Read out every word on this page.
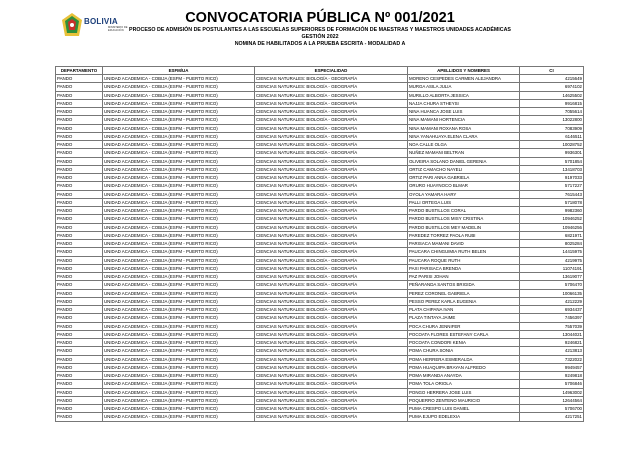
BOLIVIA
MINISTERIO DE EDUCACIÓN
CONVOCATORIA PÚBLICA Nº 001/2021
PROCESO DE ADMISIÓN DE POSTULANTES A LAS ESCUELAS SUPERIORES DE FORMACIÓN DE MAESTRAS Y MAESTROS UNIDADES ACADÉMICAS
GESTIÓN 2022
NOMINA DE HABILITADOS A LA PRUEBA ESCRITA - MODALIDAD A
DEPARTAMENTO	ESFM/UA	ESPECIALIDAD	APELLIDOS Y NOMBRES	CI
PANDO	UNIDAD ACADEMICA - COBIJA (ESFM - PUERTO RICO)	CIENCIAS NATURALES: BIOLOGÍA - GEOGRAFÍA	MORENO CESPEDES CARMEN ALEJANDRA	4215649
PANDO	UNIDAD ACADEMICA - COBIJA (ESFM - PUERTO RICO)	CIENCIAS NATURALES: BIOLOGÍA - GEOGRAFÍA	MURGA ASILA JULIA	6974102
PANDO	UNIDAD ACADEMICA - COBIJA (ESFM - PUERTO RICO)	CIENCIAS NATURALES: BIOLOGÍA - GEOGRAFÍA	MURILLO ALBORTA JESSICA	14625502
PANDO	UNIDAD ACADEMICA - COBIJA (ESFM - PUERTO RICO)	CIENCIAS NATURALES: BIOLOGÍA - GEOGRAFÍA	NAJJA CHURA STHEYSI	9916815
PANDO	UNIDAD ACADEMICA - COBIJA (ESFM - PUERTO RICO)	CIENCIAS NATURALES: BIOLOGÍA - GEOGRAFÍA	NINA HUANCA JOSE LUIS	7055614
PANDO	UNIDAD ACADEMICA - COBIJA (ESFM - PUERTO RICO)	CIENCIAS NATURALES: BIOLOGÍA - GEOGRAFÍA	NINA MAMANI HORTENCIA	13022800
PANDO	UNIDAD ACADEMICA - COBIJA (ESFM - PUERTO RICO)	CIENCIAS NATURALES: BIOLOGÍA - GEOGRAFÍA	NINA MAMANI ROXANA ROSA	7083909
PANDO	UNIDAD ACADEMICA - COBIJA (ESFM - PUERTO RICO)	CIENCIAS NATURALES: BIOLOGÍA - GEOGRAFÍA	NINA YANAHUAYA ELENA CLARA	6146511
PANDO	UNIDAD ACADEMICA - COBIJA (ESFM - PUERTO RICO)	CIENCIAS NATURALES: BIOLOGÍA - GEOGRAFÍA	NOA CALLE OLGA	10028752
PANDO	UNIDAD ACADEMICA - COBIJA (ESFM - PUERTO RICO)	CIENCIAS NATURALES: BIOLOGÍA - GEOGRAFÍA	NUÑEZ MAMANI BELTRAN	9936301
PANDO	UNIDAD ACADEMICA - COBIJA (ESFM - PUERTO RICO)	CIENCIAS NATURALES: BIOLOGÍA - GEOGRAFÍA	OLIVEIRA SOLANO DANIEL GERENIA	5701854
PANDO	UNIDAD ACADEMICA - COBIJA (ESFM - PUERTO RICO)	CIENCIAS NATURALES: BIOLOGÍA - GEOGRAFÍA	ORTIZ CAMACHO NAYELI	13418703
PANDO	UNIDAD ACADEMICA - COBIJA (ESFM - PUERTO RICO)	CIENCIAS NATURALES: BIOLOGÍA - GEOGRAFÍA	ORTIZ PARI ANNA GABRIELA	9197033
PANDO	UNIDAD ACADEMICA - COBIJA (ESFM - PUERTO RICO)	CIENCIAS NATURALES: BIOLOGÍA - GEOGRAFÍA	ORURO HUAYNOCO BLMAR	5717227
PANDO	UNIDAD ACADEMICA - COBIJA (ESFM - PUERTO RICO)	CIENCIAS NATURALES: BIOLOGÍA - GEOGRAFÍA	OYOLA YAMARA HARY	7615443
PANDO	UNIDAD ACADEMICA - COBIJA (ESFM - PUERTO RICO)	CIENCIAS NATURALES: BIOLOGÍA - GEOGRAFÍA	PALLI ORTEGA LUIS	5718078
PANDO	UNIDAD ACADEMICA - COBIJA (ESFM - PUERTO RICO)	CIENCIAS NATURALES: BIOLOGÍA - GEOGRAFÍA	PARDO BUSTILLOS CORAL	9982360
PANDO	UNIDAD ACADEMICA - COBIJA (ESFM - PUERTO RICO)	CIENCIAS NATURALES: BIOLOGÍA - GEOGRAFÍA	PARDO BUSTILLOS MISY CRISTINA	10946252
PANDO	UNIDAD ACADEMICA - COBIJA (ESFM - PUERTO RICO)	CIENCIAS NATURALES: BIOLOGÍA - GEOGRAFÍA	PARDO BUSTILLOS MEY MADELIN	10946256
PANDO	UNIDAD ACADEMICA - COBIJA (ESFM - PUERTO RICO)	CIENCIAS NATURALES: BIOLOGÍA - GEOGRAFÍA	PAREDEZ TORREZ PAOLA RUBI	6821971
PANDO	UNIDAD ACADEMICA - COBIJA (ESFM - PUERTO RICO)	CIENCIAS NATURALES: BIOLOGÍA - GEOGRAFÍA	PARISACA MAMANI DAVID	8025284
PANDO	UNIDAD ACADEMICA - COBIJA (ESFM - PUERTO RICO)	CIENCIAS NATURALES: BIOLOGÍA - GEOGRAFÍA	PAUCARA CHINGUIMIA RUTH BELEN	14415975
PANDO	UNIDAD ACADEMICA - COBIJA (ESFM - PUERTO RICO)	CIENCIAS NATURALES: BIOLOGÍA - GEOGRAFÍA	PAUCARA ROQUE RUTH	4219975
PANDO	UNIDAD ACADEMICA - COBIJA (ESFM - PUERTO RICO)	CIENCIAS NATURALES: BIOLOGÍA - GEOGRAFÍA	PAXI PARISACA BRENDA	11074191
PANDO	UNIDAD ACADEMICA - COBIJA (ESFM - PUERTO RICO)	CIENCIAS NATURALES: BIOLOGÍA - GEOGRAFÍA	PAZ PARISI JOHAN	13619077
PANDO	UNIDAD ACADEMICA - COBIJA (ESFM - PUERTO RICO)	CIENCIAS NATURALES: BIOLOGÍA - GEOGRAFÍA	PEÑARANDA SANTOS BRIGIDA	5706470
PANDO	UNIDAD ACADEMICA - COBIJA (ESFM - PUERTO RICO)	CIENCIAS NATURALES: BIOLOGÍA - GEOGRAFÍA	PEREZ CORONEL GABRIELA	10066135
PANDO	UNIDAD ACADEMICA - COBIJA (ESFM - PUERTO RICO)	CIENCIAS NATURALES: BIOLOGÍA - GEOGRAFÍA	PESSO PEREZ KARLA EUGENIA	4212229
PANDO	UNIDAD ACADEMICA - COBIJA (ESFM - PUERTO RICO)	CIENCIAS NATURALES: BIOLOGÍA - GEOGRAFÍA	PLATA CHIPANA IVAN	6934437
PANDO	UNIDAD ACADEMICA - COBIJA (ESFM - PUERTO RICO)	CIENCIAS NATURALES: BIOLOGÍA - GEOGRAFÍA	PLAZA TINTAYA JAIME	7456397
PANDO	UNIDAD ACADEMICA - COBIJA (ESFM - PUERTO RICO)	CIENCIAS NATURALES: BIOLOGÍA - GEOGRAFÍA	POCA CHURA JENNIFER	7557039
PANDO	UNIDAD ACADEMICA - COBIJA (ESFM - PUERTO RICO)	CIENCIAS NATURALES: BIOLOGÍA - GEOGRAFÍA	POCOATA FLORES ESTEFANY CARLA	13044021
PANDO	UNIDAD ACADEMICA - COBIJA (ESFM - PUERTO RICO)	CIENCIAS NATURALES: BIOLOGÍA - GEOGRAFÍA	POCOATA CONDORI KENIA	9246821
PANDO	UNIDAD ACADEMICA - COBIJA (ESFM - PUERTO RICO)	CIENCIAS NATURALES: BIOLOGÍA - GEOGRAFÍA	POMA CHURA SONIA	4213813
PANDO	UNIDAD ACADEMICA - COBIJA (ESFM - PUERTO RICO)	CIENCIAS NATURALES: BIOLOGÍA - GEOGRAFÍA	POMA HERRERA ESMERALDA	7322022
PANDO	UNIDAD ACADEMICA - COBIJA (ESFM - PUERTO RICO)	CIENCIAS NATURALES: BIOLOGÍA - GEOGRAFÍA	POMA HUAQUIPA BRAYAN ALFREDO	9949457
PANDO	UNIDAD ACADEMICA - COBIJA (ESFM - PUERTO RICO)	CIENCIAS NATURALES: BIOLOGÍA - GEOGRAFÍA	POMA MIRANDA ANAYDA	9249818
PANDO	UNIDAD ACADEMICA - COBIJA (ESFM - PUERTO RICO)	CIENCIAS NATURALES: BIOLOGÍA - GEOGRAFÍA	POMA TOLA ORIOLA	5706846
PANDO	UNIDAD ACADEMICA - COBIJA (ESFM - PUERTO RICO)	CIENCIAS NATURALES: BIOLOGÍA - GEOGRAFÍA	PONGO HERRERA JOSE LUIS	14963002
PANDO	UNIDAD ACADEMICA - COBIJA (ESFM - PUERTO RICO)	CIENCIAS NATURALES: BIOLOGÍA - GEOGRAFÍA	POQUERRO ZENTENO MAURICIO	12644564
PANDO	UNIDAD ACADEMICA - COBIJA (ESFM - PUERTO RICO)	CIENCIAS NATURALES: BIOLOGÍA - GEOGRAFÍA	PUMA CRESPO LUIS DANIEL	5706700
PANDO	UNIDAD ACADEMICA - COBIJA (ESFM - PUERTO RICO)	CIENCIAS NATURALES: BIOLOGÍA - GEOGRAFÍA	PUMA EJUPO EDELEXIA	4217251
